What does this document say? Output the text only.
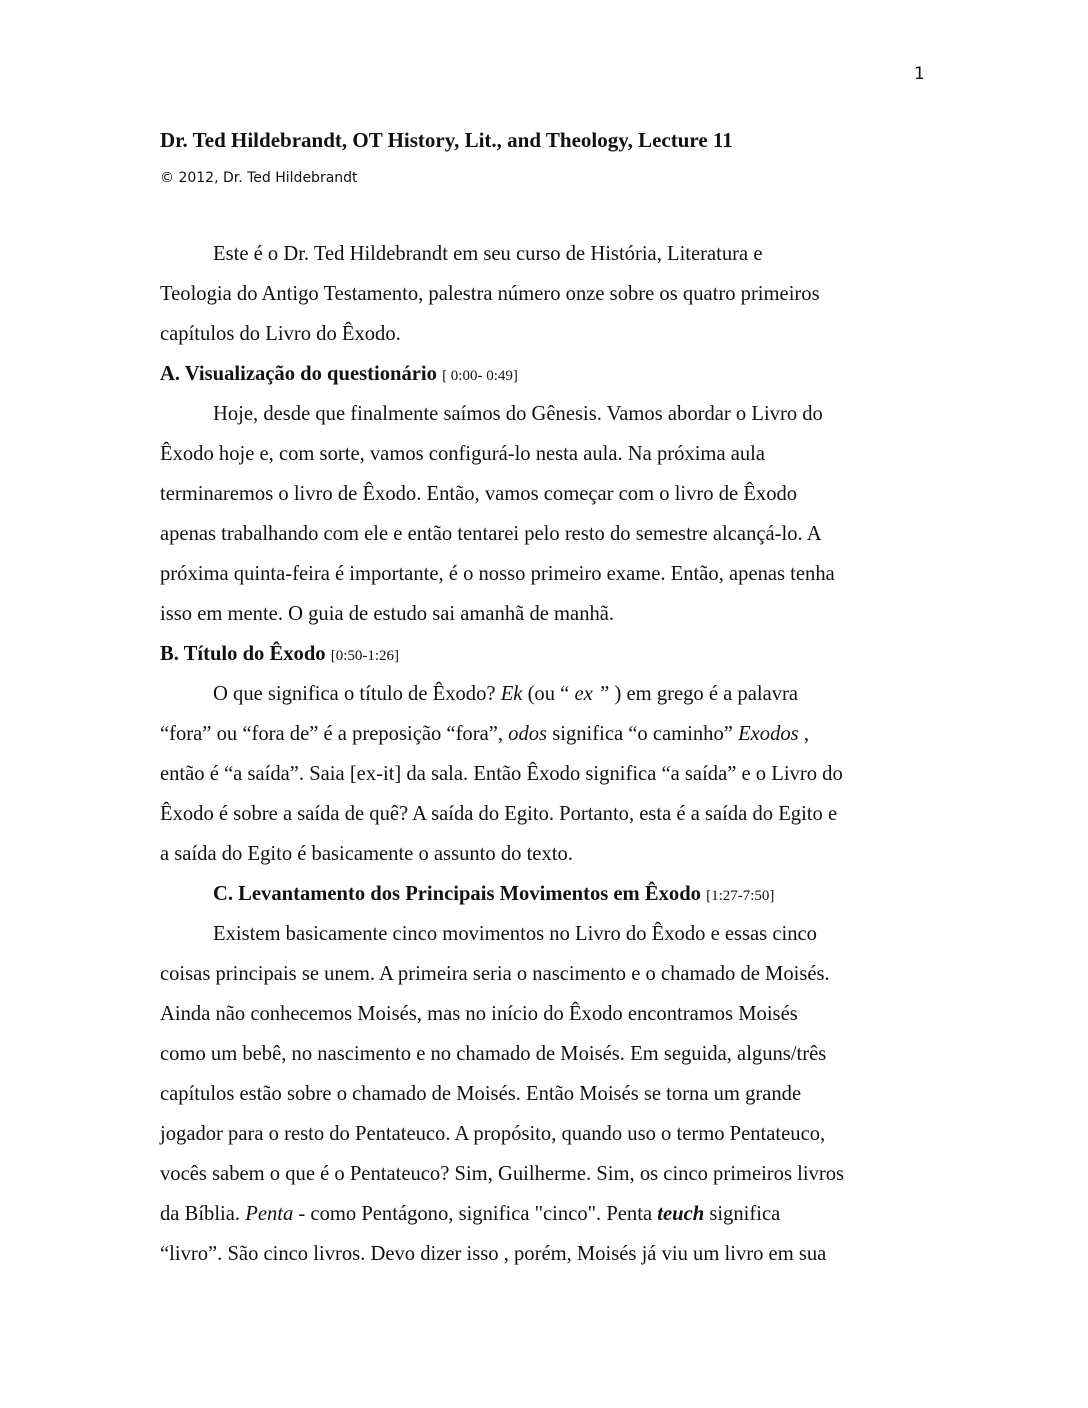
1
Dr. Ted Hildebrandt, OT History, Lit., and Theology, Lecture 11
© 2012, Dr. Ted Hildebrandt
Este é o Dr. Ted Hildebrandt em seu curso de História, Literatura e
Teologia do Antigo Testamento, palestra número onze sobre os quatro primeiros
capítulos do Livro do Êxodo.
A. Visualização do questionário [ 0:00- 0:49]
Hoje, desde que finalmente saímos do Gênesis. Vamos abordar o Livro do
Êxodo hoje e, com sorte, vamos configurá-lo nesta aula. Na próxima aula
terminaremos o livro de Êxodo. Então, vamos começar com o livro de Êxodo
apenas trabalhando com ele e então tentarei pelo resto do semestre alcançá-lo. A
próxima quinta-feira é importante, é o nosso primeiro exame. Então, apenas tenha
isso em mente. O guia de estudo sai amanhã de manhã.
B. Título do Êxodo [0:50-1:26]
O que significa o título de Êxodo? Ek (ou “ ex ” ) em grego é a palavra
“fora” ou “fora de” é a preposição “fora”, odos significa “o caminho” Exodos ,
então é “a saída”. Saia [ex-it] da sala. Então Êxodo significa “a saída” e o Livro do
Êxodo é sobre a saída de quê? A saída do Egito. Portanto, esta é a saída do Egito e
a saída do Egito é basicamente o assunto do texto.
C. Levantamento dos Principais Movimentos em Êxodo [1:27-7:50]
Existem basicamente cinco movimentos no Livro do Êxodo e essas cinco
coisas principais se unem. A primeira seria o nascimento e o chamado de Moisés.
Ainda não conhecemos Moisés, mas no início do Êxodo encontramos Moisés
como um bebê, no nascimento e no chamado de Moisés. Em seguida, alguns/três
capítulos estão sobre o chamado de Moisés. Então Moisés se torna um grande
jogador para o resto do Pentateuco. A propósito, quando uso o termo Pentateuco,
vocês sabem o que é o Pentateuco? Sim, Guilherme. Sim, os cinco primeiros livros
da Bíblia. Penta - como Pentágono, significa "cinco". Penta teuch significa
“livro”. São cinco livros. Devo dizer isso , porém, Moisés já viu um livro em sua
